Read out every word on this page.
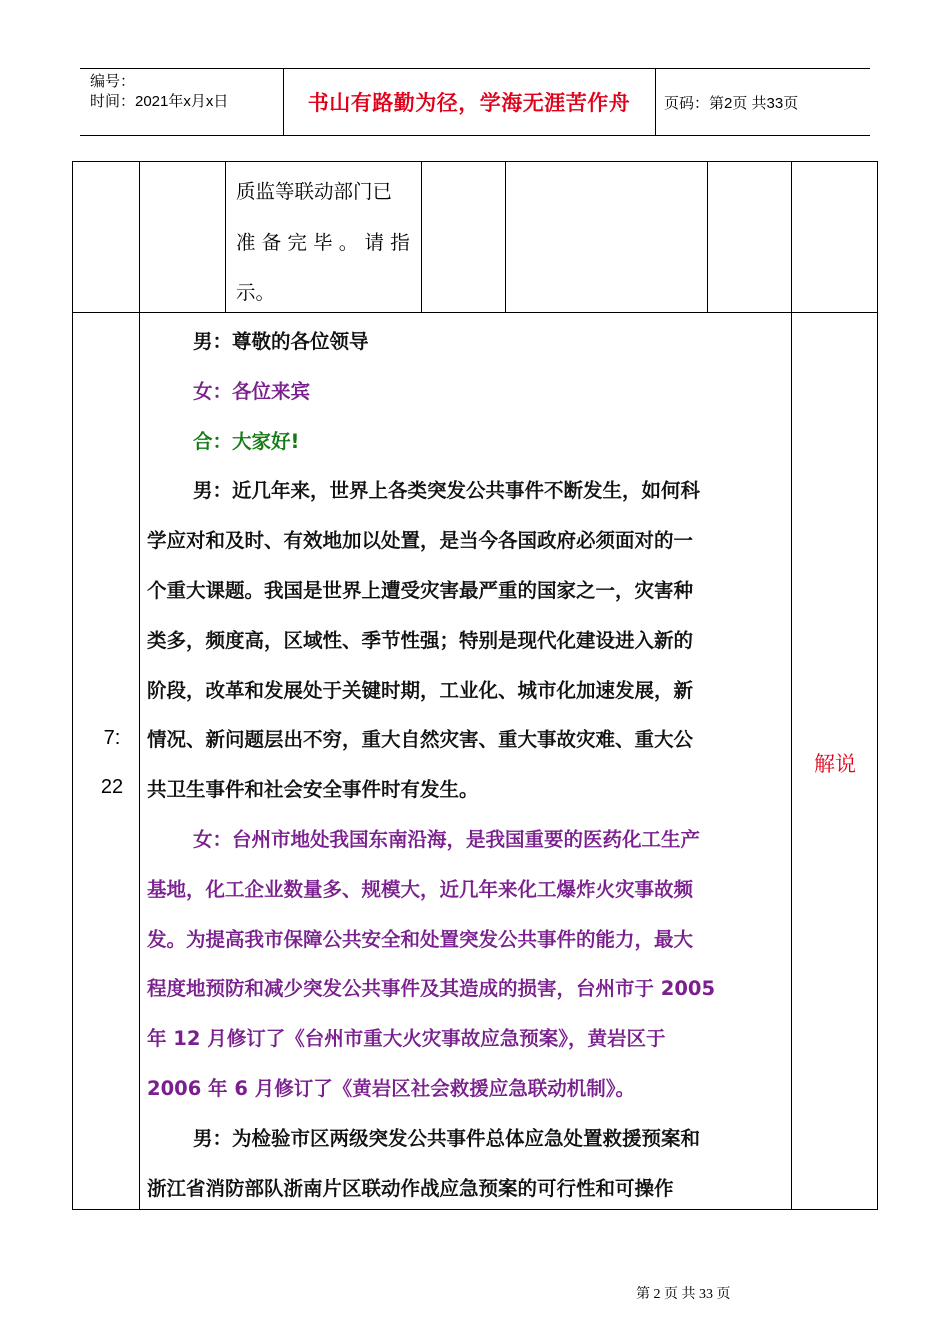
编号：
时间：2021年x月x日	书山有路勤为径，学海无涯苦作舟	页码：第2页 共33页
质监等联动部门已
准 备 完 毕 。 请 指
示。
7:
22
解说
男：尊敬的各位领导
女：各位来宾
合：大家好!
男：近几年来，世界上各类突发公共事件不断发生，如何科
学应对和及时、有效地加以处置，是当今各国政府必须面对的一
个重大课题。我国是世界上遭受灾害最严重的国家之一，灾害种
类多，频度高，区域性、季节性强；特别是现代化建设进入新的
阶段，改革和发展处于关键时期，工业化、城市化加速发展，新
情况、新问题层出不穷，重大自然灾害、重大事故灾难、重大公
共卫生事件和社会安全事件时有发生。
女：台州市地处我国东南沿海，是我国重要的医药化工生产
基地，化工企业数量多、规模大，近几年来化工爆炸火灾事故频
发。为提高我市保障公共安全和处置突发公共事件的能力，最大
程度地预防和减少突发公共事件及其造成的损害，台州市于 2005
年 12 月修订了《台州市重大火灾事故应急预案》，黄岩区于
2006 年 6 月修订了《黄岩区社会救援应急联动机制》。
男：为检验市区两级突发公共事件总体应急处置救援预案和
浙江省消防部队浙南片区联动作战应急预案的可行性和可操作
第 2 页 共 33 页
